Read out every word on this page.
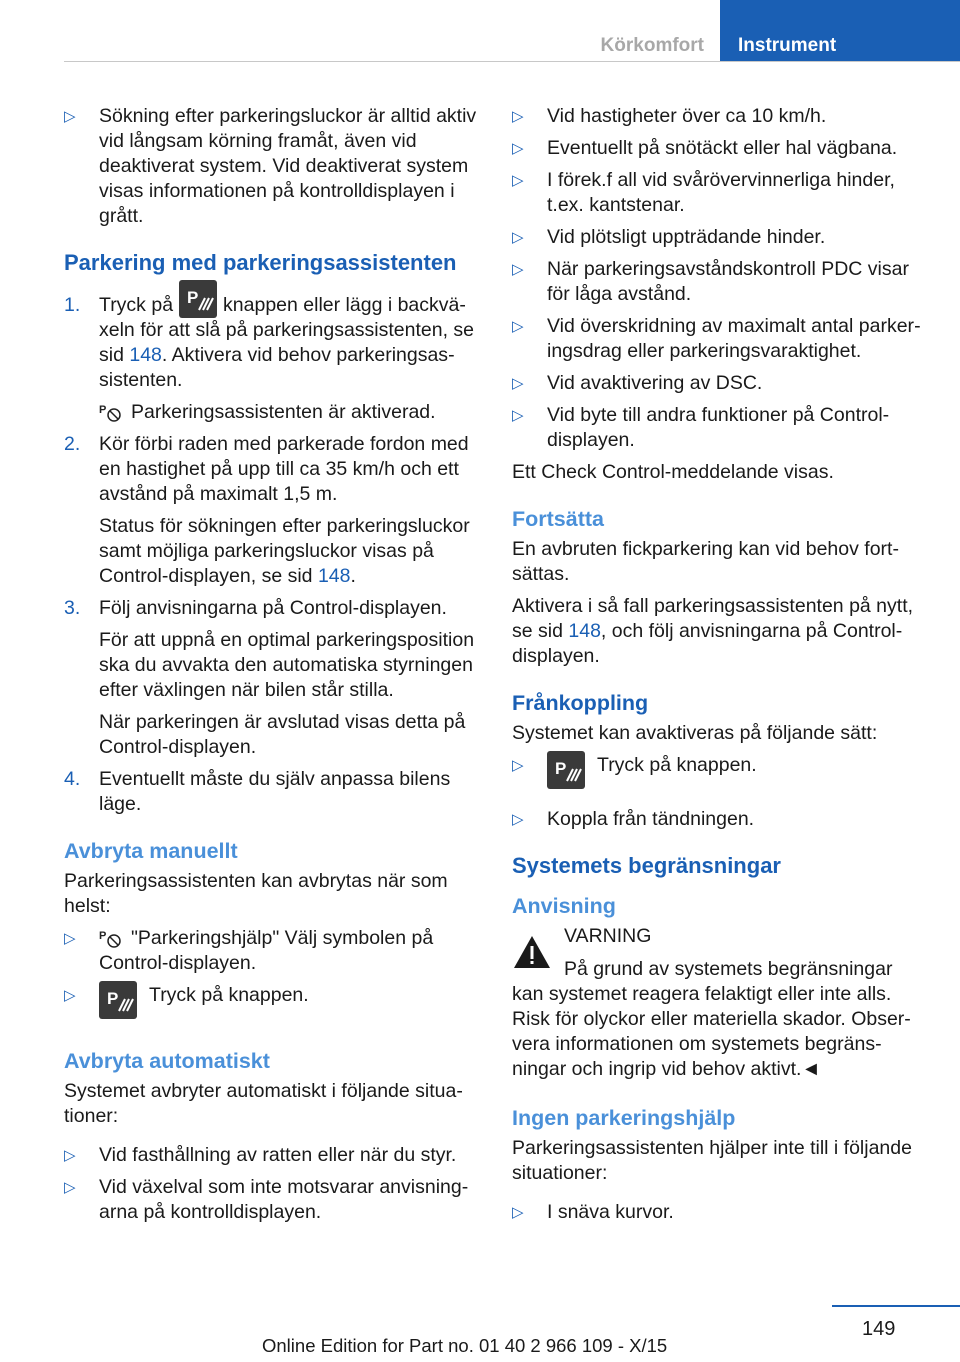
Körkomfort	Instrument
▷ Sökning efter parkeringsluckor är alltid aktiv vid långsam körning framåt, även vid deaktiverat system. Vid deaktiverat system visas informationen på kontrolldisplayen i grått.
Parkering med parkeringsassistenten
1. Tryck på P knappen eller lägg i backväxeln för att slå på parkeringsassistenten, se sid 148. Aktivera vid behov parkeringsassistenten.
P Parkeringsassistenten är aktiverad.
2. Kör förbi raden med parkerade fordon med en hastighet på upp till ca 35 km/h och ett avstånd på maximalt 1,5 m.
Status för sökningen efter parkeringsluckor samt möjliga parkeringsluckor visas på Control-displayen, se sid 148.
3. Följ anvisningarna på Control-displayen.
För att uppnå en optimal parkeringsposition ska du avvakta den automatiska styrningen efter växlingen när bilen står stilla.
När parkeringen är avslutad visas detta på Control-displayen.
4. Eventuellt måste du själv anpassa bilens läge.
Avbryta manuellt

Parkeringsassistenten kan avbrytas när som helst:

▷ P "Parkeringshjälp" Välj symbolen på Control-displayen.
▷ P Tryck på knappen.
Avbryta automatiskt

Systemet avbryter automatiskt i följande situationer:

▷ Vid fasthållning av ratten eller när du styr.
▷ Vid växelval som inte motsvarar anvisningarna på kontrolldisplayen.
▷ Vid hastigheter över ca 10 km/h.
▷ Eventuellt på snötäckt eller hal vägbana.
▷ I förek.f all vid svårövervinnerliga hinder, t.ex. kantstenar.
▷ Vid plötsligt uppträdande hinder.
▷ När parkeringsavståndskontroll PDC visar för låga avstånd.
▷ Vid överskridning av maximalt antal parkeringsdrag eller parkeringsvaraktighet.
▷ Vid avaktivering av DSC.
▷ Vid byte till andra funktioner på Control-displayen.

Ett Check Control-meddelande visas.

Fortsätta

En avbruten fickparkering kan vid behov fortsättas.

Aktivera i så fall parkeringsassistenten på nytt, se sid 148, och följ anvisningarna på Control-displayen.

Frånkoppling

Systemet kan avaktiveras på följande sätt:

▷ P Tryck på knappen.
▷ Koppla från tändningen.
Systemets begränsningar
Anvisning
VARNING
På grund av systemets begränsningar kan systemet reagera felaktigt eller inte alls. Risk för olyckor eller materiella skador. Observera informationen om systemets begränsningar och ingrip vid behov aktivt.◄
Ingen parkeringshjälp

Parkeringsassistenten hjälper inte till i följande situationer:

▷ I snäva kurvor.
149
Online Edition for Part no. 01 40 2 966 109 - X/15
